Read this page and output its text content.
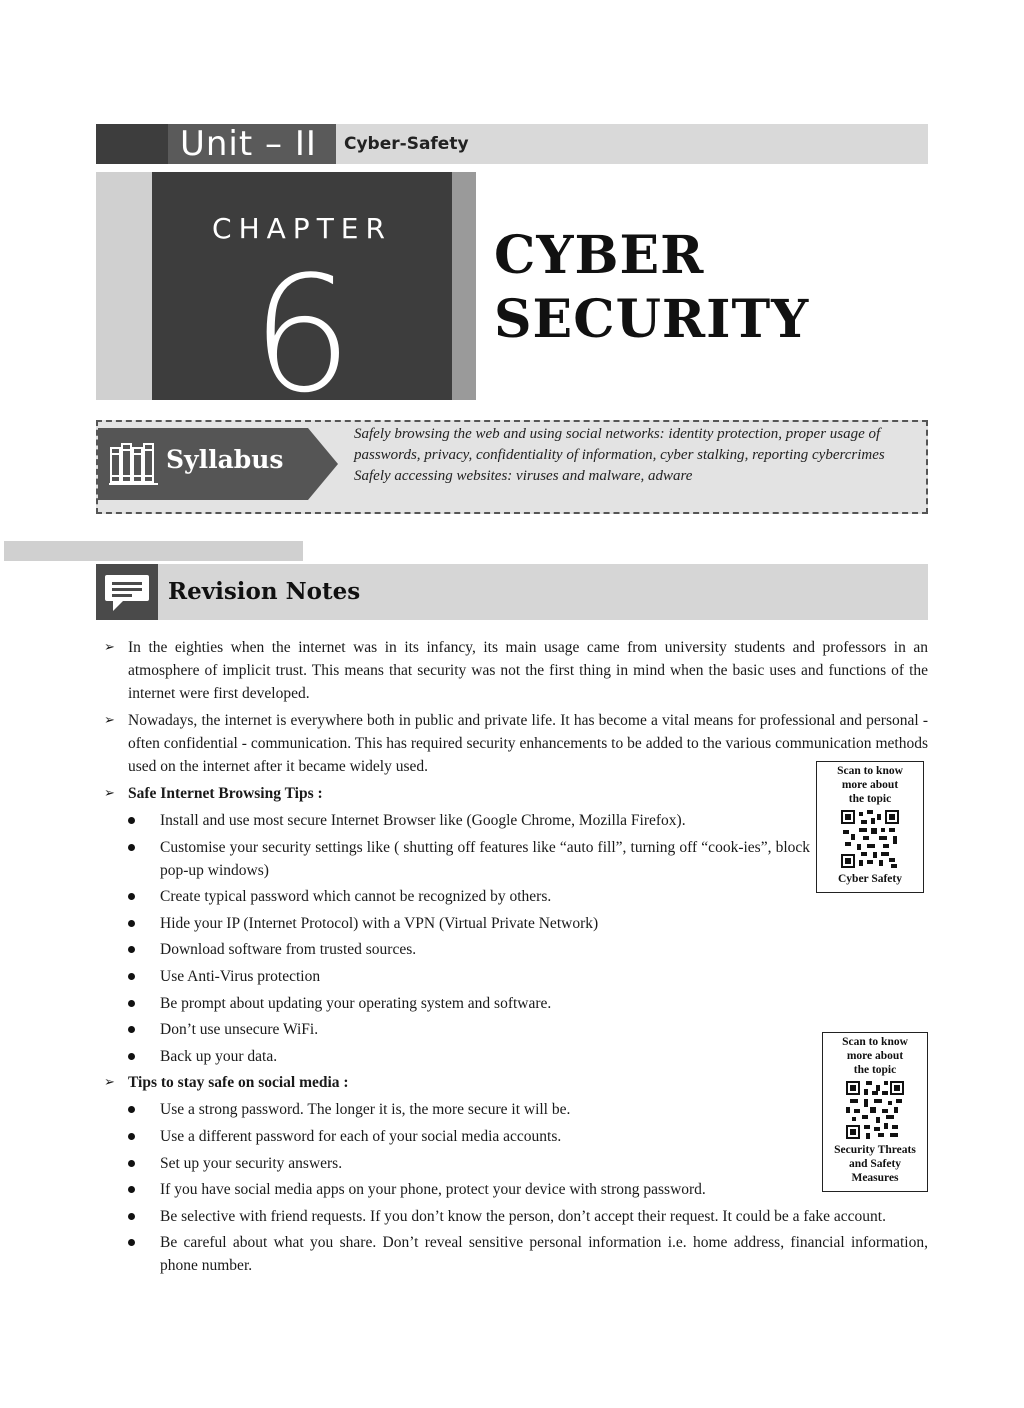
Unit – II	Cyber-Safety
CHAPTER
6	CYBER
SECURITY
Syllabus
Safely browsing the web and using social networks: identity protection, proper usage of passwords, privacy, confidentiality of information, cyber stalking, reporting cybercrimes
Safely accessing websites: viruses and malware, adware
Revision Notes
➢ In the eighties when the internet was in its infancy, its main usage came from university students and professors in an atmosphere of implicit trust. This means that security was not the first thing in mind when the basic uses and functions of the internet were first developed.
➢ Nowadays, the internet is everywhere both in public and private life. It has become a vital means for professional and personal - often confidential - communication. This has required security enhancements to be added to the various communication methods used on the internet after it became widely used.
➢ Safe Internet Browsing Tips :
Install and use most secure Internet Browser like (Google Chrome, Mozilla Firefox).
Customise your security settings like ( shutting off features like “auto fill”, turning off “cook-ies”, block pop-up windows)
Create typical password which cannot be recognized by others.
Hide your IP (Internet Protocol) with a VPN (Virtual Private Network)
Download software from trusted sources.
Use Anti-Virus protection
Be prompt about updating your operating system and software.
Don’t use unsecure WiFi.
Back up your data.
➢ Tips to stay safe on social media :
Use a strong password. The longer it is, the more secure it will be.
Use a different password for each of your social media accounts.
Set up your security answers.
If you have social media apps on your phone, protect your device with strong password.
Be selective with friend requests. If you don’t know the person, don’t accept their request. It could be a fake account.
Be careful about what you share. Don’t reveal sensitive personal information i.e. home address, financial information, phone number.
Scan to know
more about
the topic
Cyber Safety
Scan to know
more about
the topic
Security Threats
and Safety
Measures
